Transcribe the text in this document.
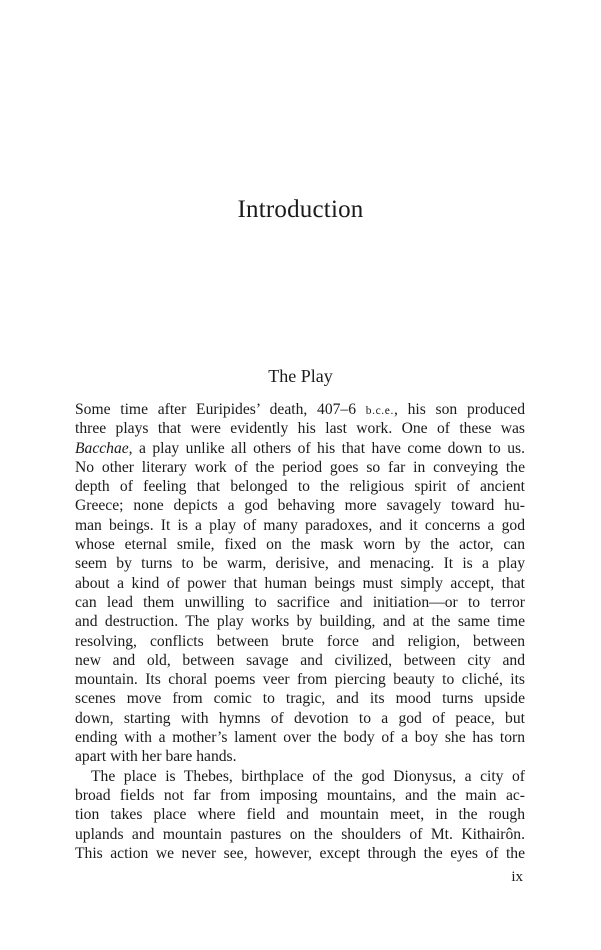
Introduction
The Play
Some time after Euripides’ death, 407–6 b.c.e., his son produced
three plays that were evidently his last work. One of these was
Bacchae, a play unlike all others of his that have come down to us.
No other literary work of the period goes so far in conveying the
depth of feeling that belonged to the religious spirit of ancient
Greece; none depicts a god behaving more savagely toward hu-
man beings. It is a play of many paradoxes, and it concerns a god
whose eternal smile, fixed on the mask worn by the actor, can
seem by turns to be warm, derisive, and menacing. It is a play
about a kind of power that human beings must simply accept, that
can lead them unwilling to sacrifice and initiation—or to terror
and destruction. The play works by building, and at the same time
resolving, conflicts between brute force and religion, between
new and old, between savage and civilized, between city and
mountain. Its choral poems veer from piercing beauty to cliché, its
scenes move from comic to tragic, and its mood turns upside
down, starting with hymns of devotion to a god of peace, but
ending with a mother’s lament over the body of a boy she has torn
apart with her bare hands.
The place is Thebes, birthplace of the god Dionysus, a city of
broad fields not far from imposing mountains, and the main ac-
tion takes place where field and mountain meet, in the rough
uplands and mountain pastures on the shoulders of Mt. Kithairôn.
This action we never see, however, except through the eyes of the
ix
